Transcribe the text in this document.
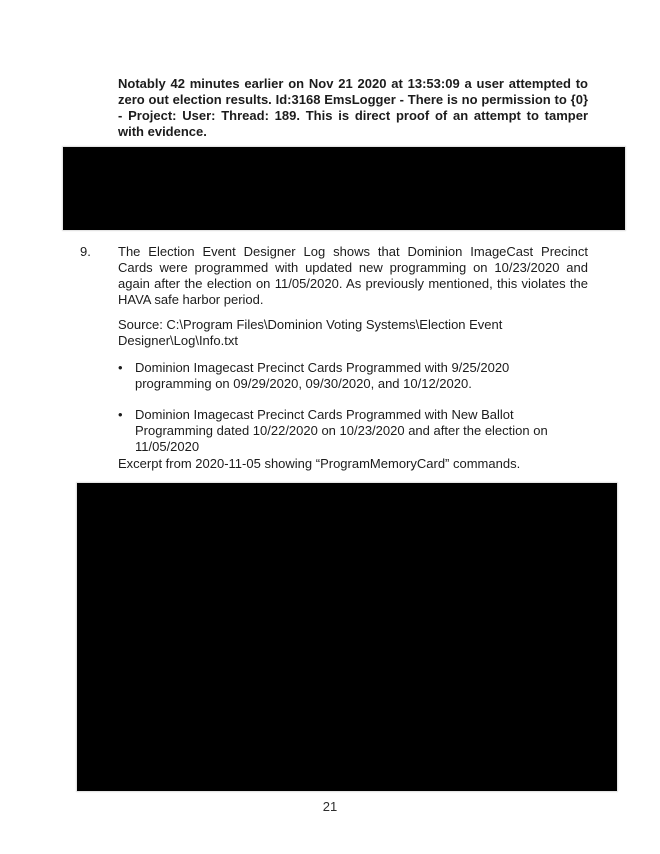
Notably 42 minutes earlier on Nov 21 2020 at 13:53:09 a user attempted to
zero out election results. Id:3168 EmsLogger - There is no permission to {0}
- Project: User: Thread: 189. This is direct proof of an attempt to tamper
with evidence.
9. The Election Event Designer Log shows that Dominion ImageCast Precinct
Cards were programmed with updated new programming on 10/23/2020 and
again after the election on 11/05/2020. As previously mentioned, this violates the
HAVA safe harbor period.
Source: C:\Program Files\Dominion Voting Systems\Election Event
Designer\Log\Info.txt
• Dominion Imagecast Precinct Cards Programmed with 9/25/2020
programming on 09/29/2020, 09/30/2020, and 10/12/2020.
• Dominion Imagecast Precinct Cards Programmed with New Ballot
Programming dated 10/22/2020 on 10/23/2020 and after the election on
11/05/2020
Excerpt from 2020-11-05 showing “ProgramMemoryCard” commands.
21
